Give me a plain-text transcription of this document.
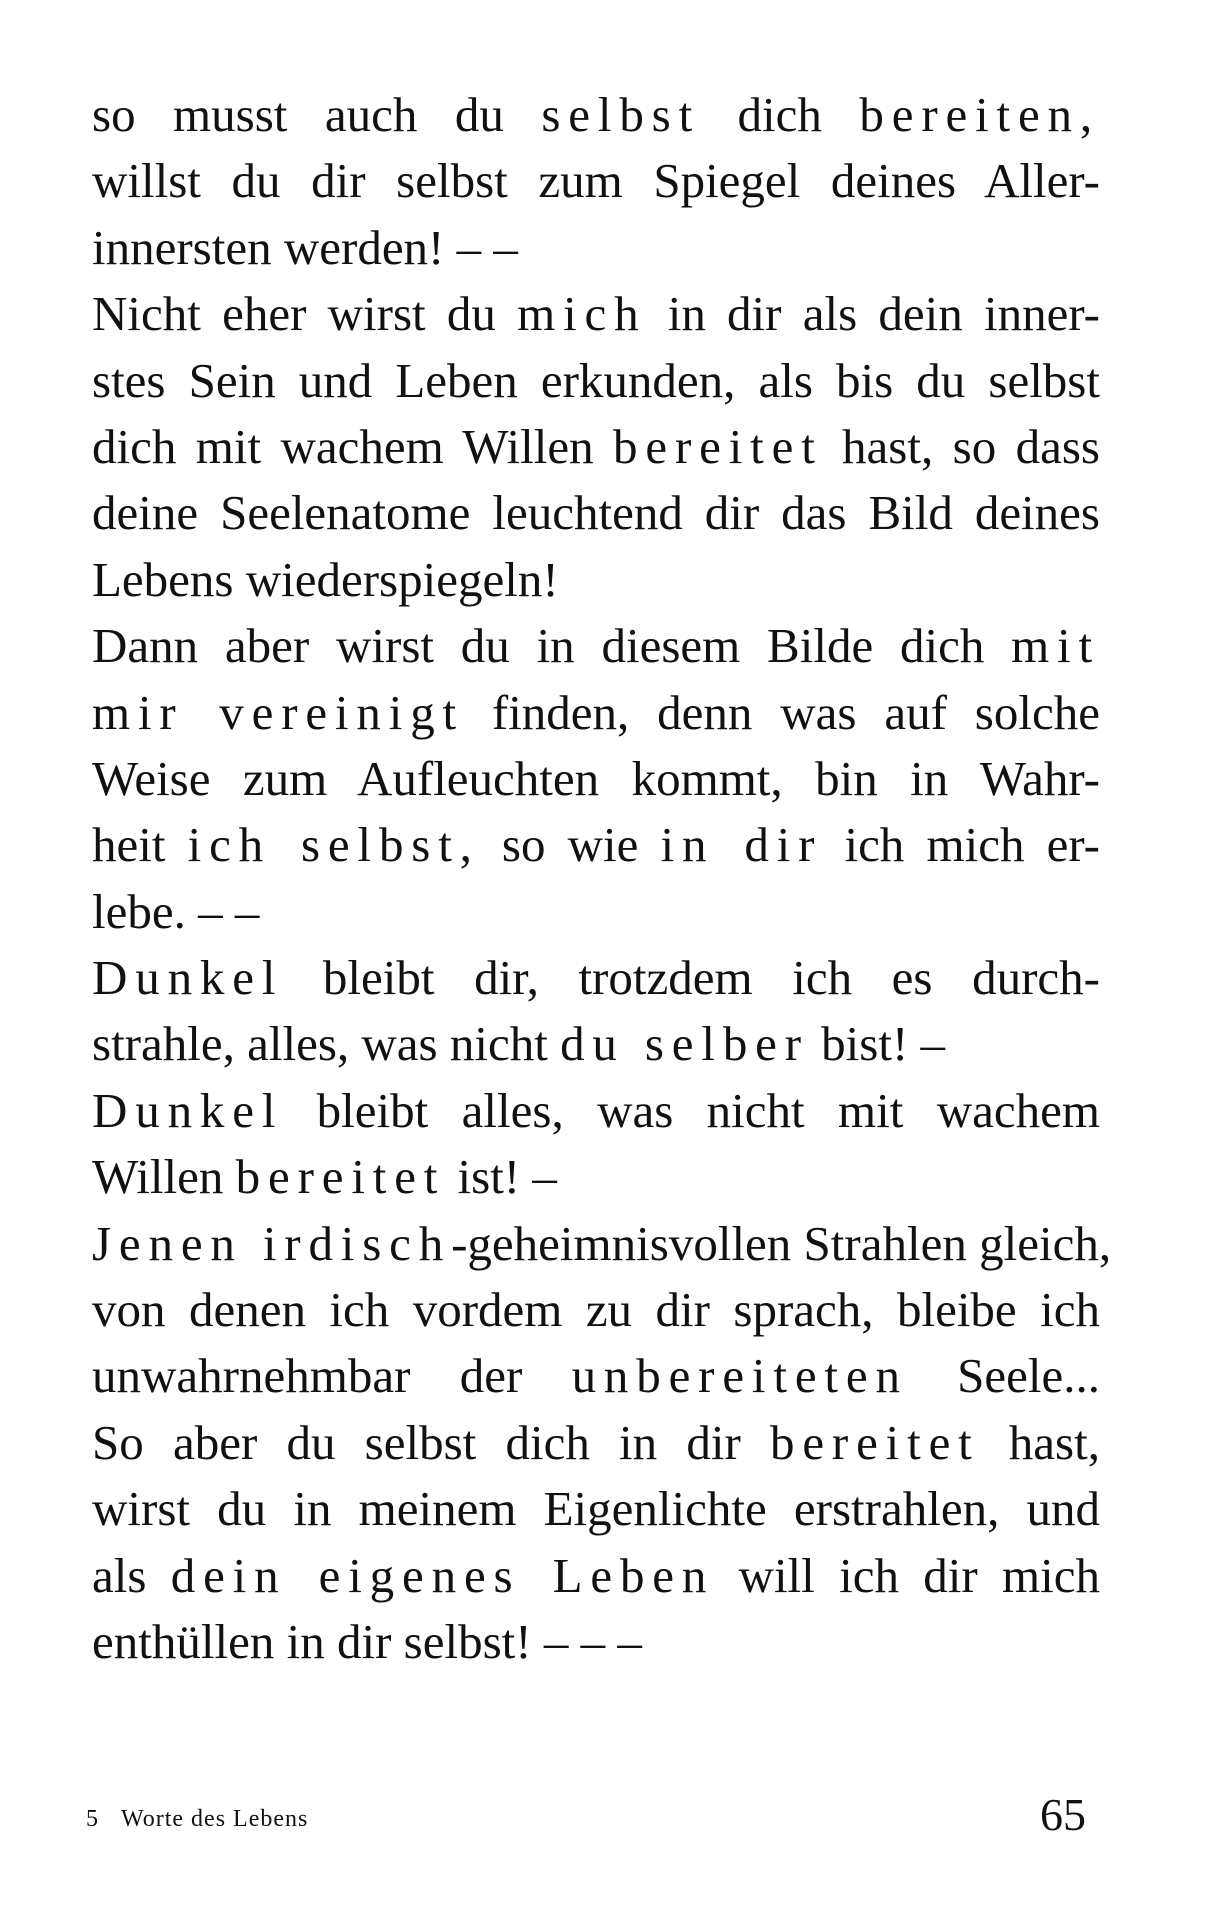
so musst auch du selbst dich bereiten,
willst du dir selbst zum Spiegel deines Aller-
innersten werden! – –
Nicht eher wirst du mich in dir als dein inner-
stes Sein und Leben erkunden, als bis du selbst
dich mit wachem Willen bereitet hast, so dass
deine Seelenatome leuchtend dir das Bild deines
Lebens wiederspiegeln!
Dann aber wirst du in diesem Bilde dich mit
mir vereinigt finden, denn was auf solche
Weise zum Aufleuchten kommt, bin in Wahr-
heit ich selbst, so wie in dir ich mich er-
lebe. – –
Dunkel bleibt dir, trotzdem ich es durch-
strahle, alles, was nicht du selber bist! –
Dunkel bleibt alles, was nicht mit wachem
Willen bereitet ist! –
Jenen irdisch-geheimnisvollen Strahlen gleich,
von denen ich vordem zu dir sprach, bleibe ich
unwahrnehmbar der unbereiteten Seele...
So aber du selbst dich in dir bereitet hast,
wirst du in meinem Eigenlichte erstrahlen, und
als dein eigenes Leben will ich dir mich
enthüllen in dir selbst! – – –
5 Worte des Lebens	65
